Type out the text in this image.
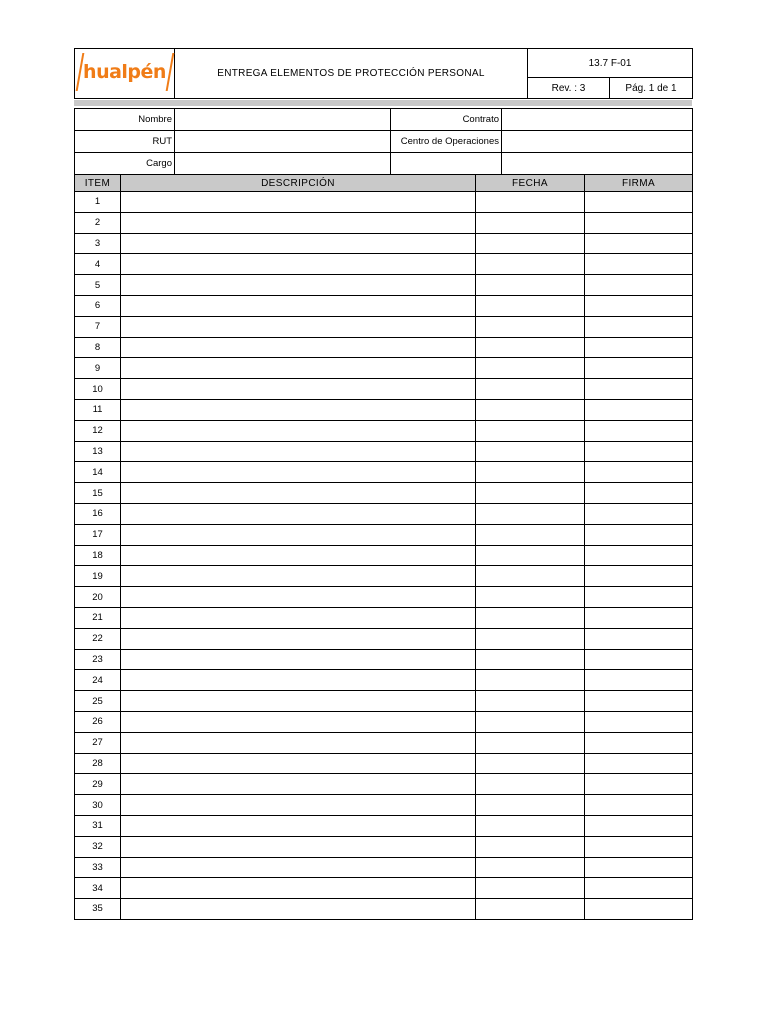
hualpén	ENTREGA ELEMENTOS DE PROTECCIÓN PERSONAL	13.7 F-01	
		Rev. : 3	Pág. 1 de 1
Nombre		Contrato	
RUT		Centro de Operaciones	
Cargo			
ITEM	DESCRIPCIÓN	FECHA	FIRMA
1			
2			
3			
4			
5			
6			
7			
8			
9			
10			
11			
12			
13			
14			
15			
16			
17			
18			
19			
20			
21			
22			
23			
24			
25			
26			
27			
28			
29			
30			
31			
32			
33			
34			
35			
